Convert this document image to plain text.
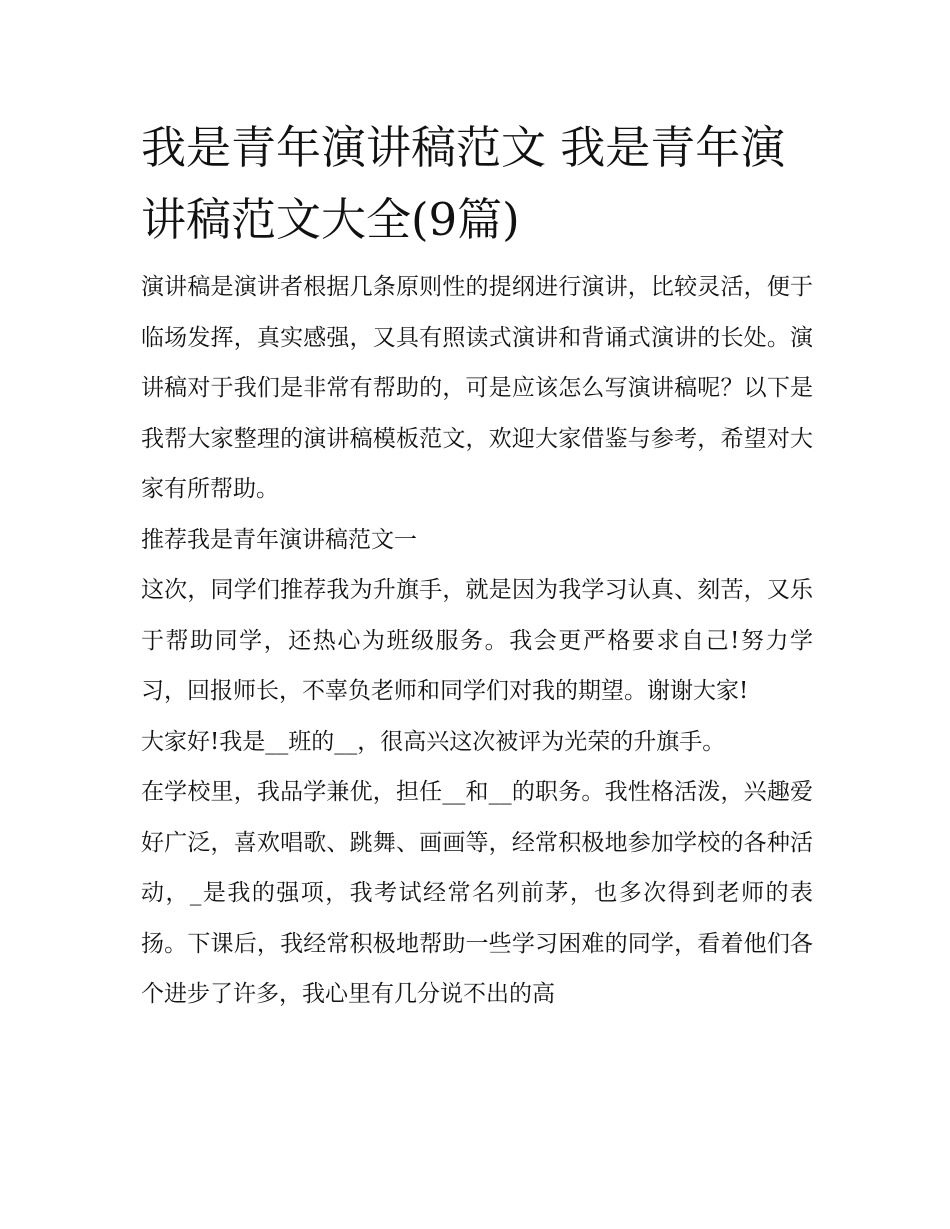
我是青年演讲稿范文 我是青年演讲稿范文大全(9篇)

演讲稿是演讲者根据几条原则性的提纲进行演讲，比较灵活，便于临场发挥，真实感强，又具有照读式演讲和背诵式演讲的长处。演讲稿对于我们是非常有帮助的，可是应该怎么写演讲稿呢？以下是我帮大家整理的演讲稿模板范文，欢迎大家借鉴与参考，希望对大家有所帮助。

推荐我是青年演讲稿范文一

这次，同学们推荐我为升旗手，就是因为我学习认真、刻苦，又乐于帮助同学，还热心为班级服务。我会更严格要求自己!努力学习，回报师长，不辜负老师和同学们对我的期望。谢谢大家!

大家好!我是__班的__，很高兴这次被评为光荣的升旗手。

在学校里，我品学兼优，担任__和__的职务。我性格活泼，兴趣爱好广泛，喜欢唱歌、跳舞、画画等，经常积极地参加学校的各种活动，_是我的强项，我考试经常名列前茅，也多次得到老师的表扬。下课后，我经常积极地帮助一些学习困难的同学，看着他们各个进步了许多，我心里有几分说不出的高
